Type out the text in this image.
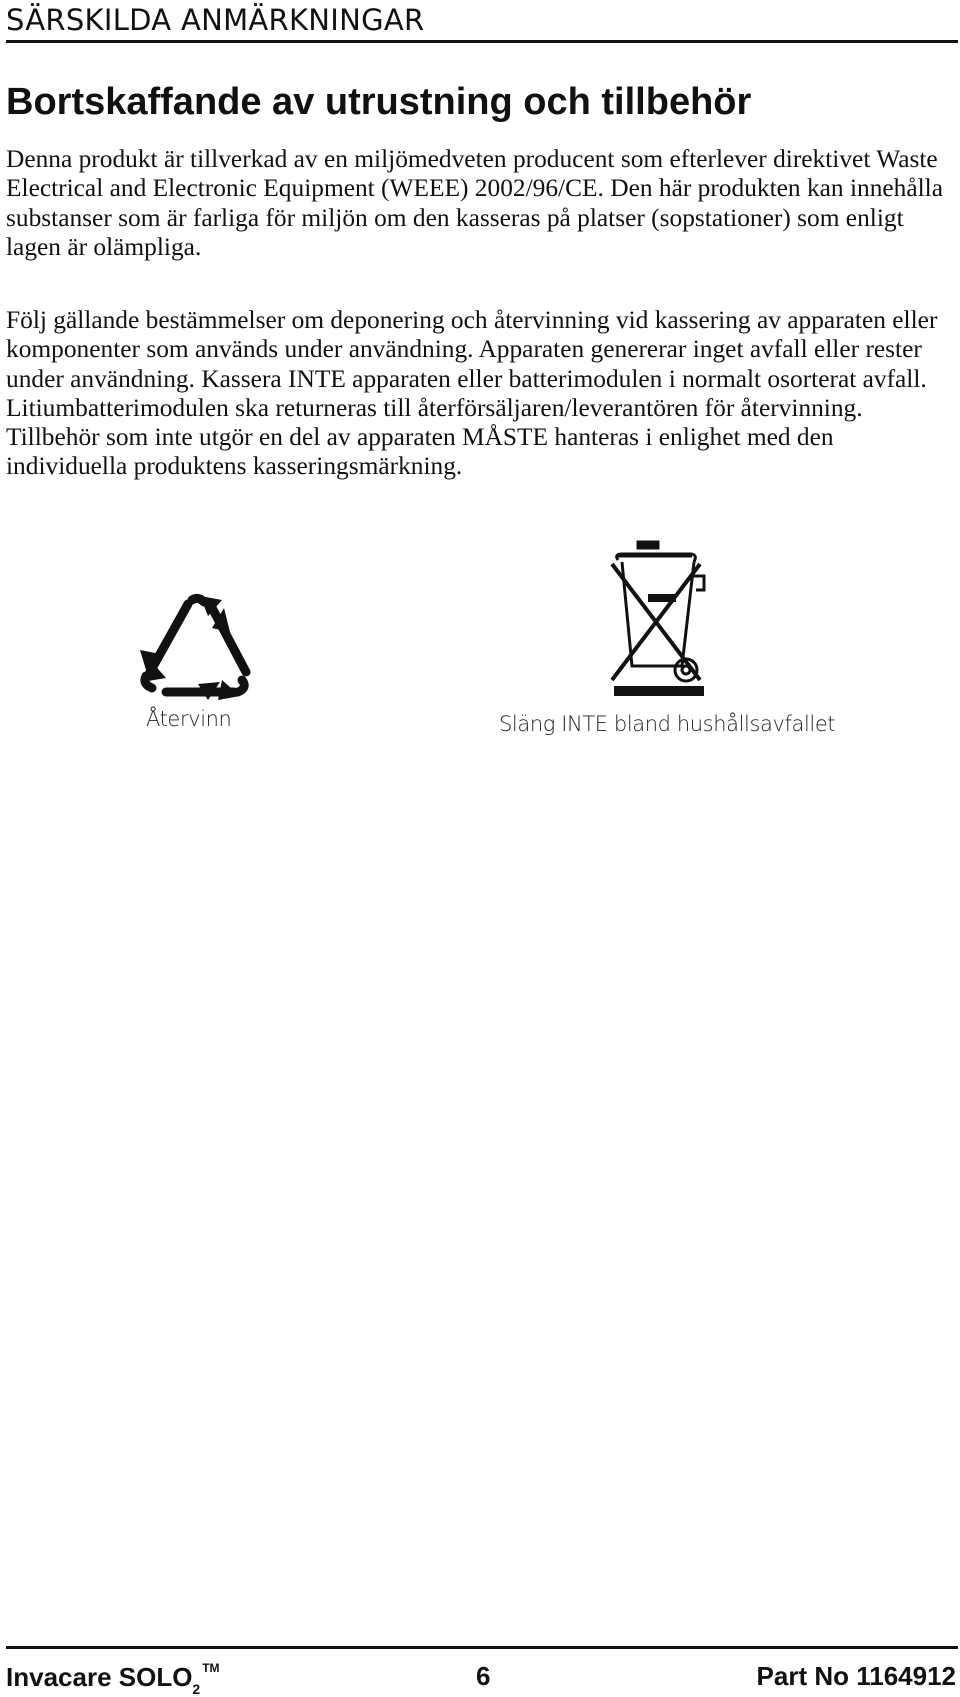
SÄRSKILDA ANMÄRKNINGAR
Bortskaffande av utrustning och tillbehör

Denna produkt är tillverkad av en miljömedveten producent som efterlever direktivet Waste Electrical and Electronic Equipment (WEEE) 2002/96/CE. Den här produkten kan innehålla substanser som är farliga för miljön om den kasseras på platser (sopstationer) som enligt lagen är olämpliga.

Följ gällande bestämmelser om deponering och återvinning vid kassering av apparaten eller komponenter som används under användning. Apparaten genererar inget avfall eller rester under användning. Kassera INTE apparaten eller batterimodulen i normalt osorterat avfall. Litiumbatterimodulen ska returneras till återförsäljaren/leverantören för återvinning. Tillbehör som inte utgör en del av apparaten MÅSTE hanteras i enlighet med den individuella produktens kasseringsmärkning.

Återvinn	Släng INTE bland hushållsavfallet
Invacare $SOLO_2™$	6	Part No 1164912
